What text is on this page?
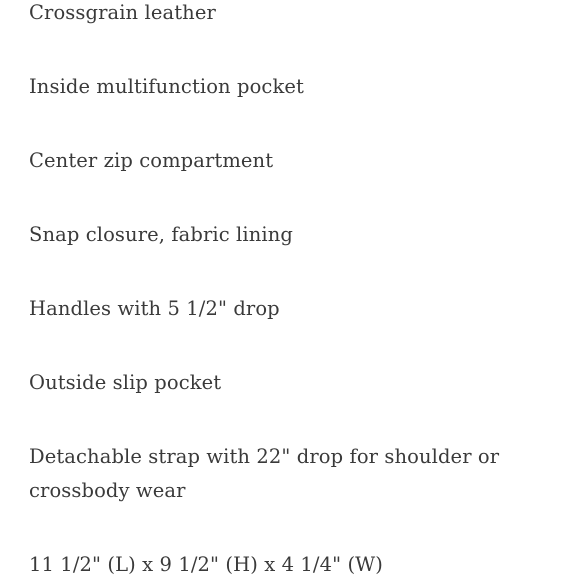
Crossgrain leather
Inside multifunction pocket
Center zip compartment
Snap closure, fabric lining
Handles with 5 1/2" drop
Outside slip pocket
Detachable strap with 22" drop for shoulder or crossbody wear
11 1/2" (L) x 9 1/2" (H) x 4 1/4" (W)
